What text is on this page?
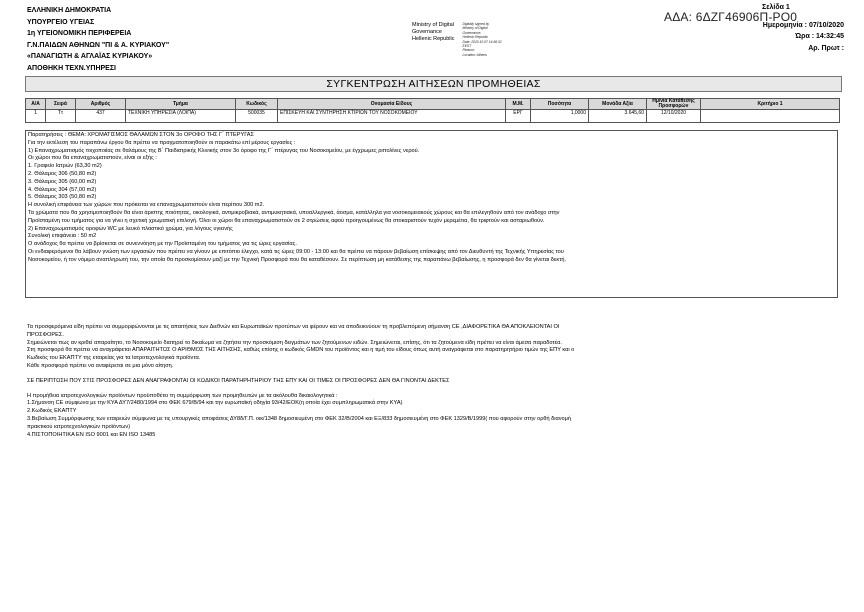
ΕΛΛΗΝΙΚΗ ΔΗΜΟΚΡΑΤΙΑ
ΥΠΟΥΡΓΕΙΟ ΥΓΕΙΑΣ
1η ΥΓΕΙΟΝΟΜΙΚΗ ΠΕΡΙΦΕΡΕΙΑ
Γ.Ν.ΠΑΙΔΩΝ ΑΘΗΝΩΝ "ΠΙ & Α. ΚΥΡΙΑΚΟΥ"
«ΠΑΝΑΓΙΩΤΗ & ΑΓΛΑΪΑΣ ΚΥΡΙΑΚΟΥ»
ΑΠΟΘΗΚΗ ΤΕΧΝ.ΥΠΗΡΕΣΙ
Ministry of Digital
Governance
Hellenic Republic
Digitally signed by
Ministry of Digital
Governance,
Hellenic Republic
Date: 2020.10.07 14:48:32
EEST
Reason:
Location: Athens
Σελίδα 1
ΑΔΑ: 6ΔΖΓ46906Π-ΡΟ0
Ημερομηνία : 07/10/2020
Ώρα : 14:32:45
Αρ. Πρωτ :
ΣΥΓΚΕΝΤΡΩΣΗ ΑΙΤΗΣΕΩΝ ΠΡΟΜΗΘΕΙΑΣ
Α/Α	Σειρά	Αριθμός	Τμήμα	Κωδικός	Ονομασία Είδους	Μ.Μ.	Ποσότητα	Μονάδα Αξία	Ημ/νία Κατάθεσης Προσφορών	Κριτήριο 1
1	Ττ	437	ΤΕΧΝΙΚΗ ΥΠΗΡΕΣΙΑ (ΛΟΙΠΑ)	500035	ΕΠΙΣΚΕΥΗ ΚΑΙ ΣΥΝΤΗΡΗΣΗ ΚΤΙΡΙΩΝ ΤΟΥ ΝΟΣΟΚΟΜΕΙΟΥ	ΕΡΓ	1,0000	3.645,60	12/10/2020	
Παρατηρήσεις : ΘΕΜΑ: ΧΡΩΜΑΤΙΣΜΟΣ ΘΑΛΑΜΩΝ ΣΤΟΝ 3ο ΟΡΟΦΟ ΤΗΣ Γ΄ ΠΤΕΡΥΓΑΣ
Για την εκτέλεση του παραπάνω έργου θα πρέπει να πραγματοποιηθούν οι παρακάτω επί μέρους εργασίες :
1) Επαναχρωματισμός τοιχοποιίας σε θαλάμους της Β΄ Παιδιατρικής Κλινικής στον 3ο όροφο της Γ΄ πτέρυγας του Νοσοκομείου, με έγχρωμες ριπολίνες νερού.
Οι χώροι που θα επαναχρωματιστούν, είναι οι εξής :
1. Γραφείο Ιατρών (63,30 m2)
2. Θάλαμος 306 (50,80 m2)
3. Θάλαμος 305 (60,00 m2)
4. Θάλαμος 304 (57,00 m2)
5. Θάλαμος 303 (50,80 m2)
Η συνολική επιφάνεια των χώρων που πρόκειται να επαναχρωματιστούν είναι περίπου 300 m2.
Τα χρώματα που θα χρησιμοποιηθούν θα είναι άριστης ποιότητας, οικολογικά, αντιμικροβιακά, αντιμυκητιακά, υποαλλεργικά, άοσμα, κατάλληλα για νοσοκομειακούς χώρους και θα επιλεγηθούν από τον ανάδοχο στην
Προϊσταμένη του τμήματος για να γίνει η σχετική χρωματική επιλογή. Όλοι οι χώροι θα επαναχρωματιστούν σε 2 στρώσεις αφού προηγουμένως θα στοκαριστούν τυχόν μερεμέτια, θα τριφτούν και ασταριωθούν.
2) Επαναχρωματισμός οροφών WC με λευκό πλαστικό χρώμα, για λόγους υγιεινής
Συνολική επιφάνεια : 50 m2
Ο ανάδοχος θα πρέπει να βρίσκεται σε συνεννόηση με την Προϊσταμένη του τμήματος για τις ώρες εργασίας.
Οι ενδιαφερόμενοι θα λάβουν γνώση των εργασιών που πρέπει να γίνουν με επιτόπιο έλεγχο, κατά τις ώρες 09:00 - 13:00 και θα πρέπει να πάρουν βεβαίωση επίσκεψης από τον Διευθυντή της Τεχνικής Υπηρεσίας του
Νοσοκομείου, ή τον νόμιμο αναπληρωτή του, την οποία θα προσκομίσουν μαζί με την Τεχνική Προσφορά που θα καταθέσουν. Σε περίπτωση μη κατάθεσης της παραπάνω βεβαίωσης, η προσφορά δεν θα γίνεται δεκτή.
Τα προσφερόμενα είδη πρέπει να συμμορφώνονται με τις απαιτήσεις των Διεθνών και Ευρωπαϊκών προτύπων να φέρουν και να αποδεικνύουν τη προβλεπόμενη σήμανση CE ,ΔΙΑΦΟΡΕΤΙΚΑ ΘΑ ΑΠΟΚΛΕΙΟΝΤΑΙ ΟΙ
ΠΡΟΣΦΟΡΕΣ.
Σημειώνεται πως αν κριθεί απαραίτητο, το Νοσοκομείο διατηρεί το δικαίωμα να ζητήσει την προσκόμιση δειγμάτων των ζητούμενων ειδών. Σημειώνεται, επίσης, ότι τα ζητούμενα είδη πρέπει να είναι άμεσα παραδοτέα.
Στη προσφορά θα πρέπει να αναγράφεται ΑΠΑΡΑΙΤΗΤΩΣ Ο ΑΡΙΘΜΟΣ ΤΗΣ ΑΙΤΗΣΗΣ, καθώς επίσης ο κωδικός GMDN του προϊόντος και η τιμή του είδους όπως αυτή αναγράφεται στο παρατηρητήριο τιμών της ΕΠΥ και ο
Κωδικός του ΕΚΑΠΤΥ της εταιρείας για τα Ιατροτεχνολογικά προϊόντα.
Κάθε προσφορά πρέπει να αναφέρεται σε μια μόνο αίτηση.
ΣΕ ΠΕΡΙΠΤΩΣΗ ΠΟΥ ΣΤΙΣ ΠΡΟΣΦΟΡΕΣ ΔΕΝ ΑΝΑΓΡΑΦΟΝΤΑΙ ΟΙ ΚΩΔΙΚΟΙ ΠΑΡΑΤΗΡΗΤΗΡΙΟΥ ΤΗΣ ΕΠΥ ΚΑΙ ΟΙ ΤΙΜΕΣ ΟΙ ΠΡΟΣΦΟΡΕΣ ΔΕΝ ΘΑ ΓΙΝΟΝΤΑΙ ΔΕΚΤΕΣ
Η προμήθεια ιατροτεχνολογικών προϊόντων προϋποθέτει τη συμμόρφωση των προμηθευτών με τα ακόλουθα δικαιολογητικά :
1.Σήμανση CE σύμφωνα με την ΚΥΑ ΔΥ7/2480/1994 στο ΦΕΚ 679/Β/94 και την ευρωπαϊκή οδηγία 93/42/ΕΟΚ(η οποία έχει συμπληρωματικά στην ΚΥΑ)
2.Κωδικός ΕΚΑΠΤΥ
3.Βεβαίωση Συμμόρφωσης των εταιρειών σύμφωνα με τις υπουργικές αποφάσεις ΔΥ8δ/Γ.Π. οικ/1348 δημοσιευμένη στο ΦΕΚ 32/Β/2004 και ΕΞ/833 δημοσιευμένη στο ΦΕΚ 1329/Β/1999( που αφορούν στην ορθή διανομή
πρακτικού ιατροτεχνολογικών προϊόντων)
4.ΠΙΣΤΟΠΟΙΗΤΙΚΑ ΕΝ ISO 9001 και ΕΝ ISO 13485
